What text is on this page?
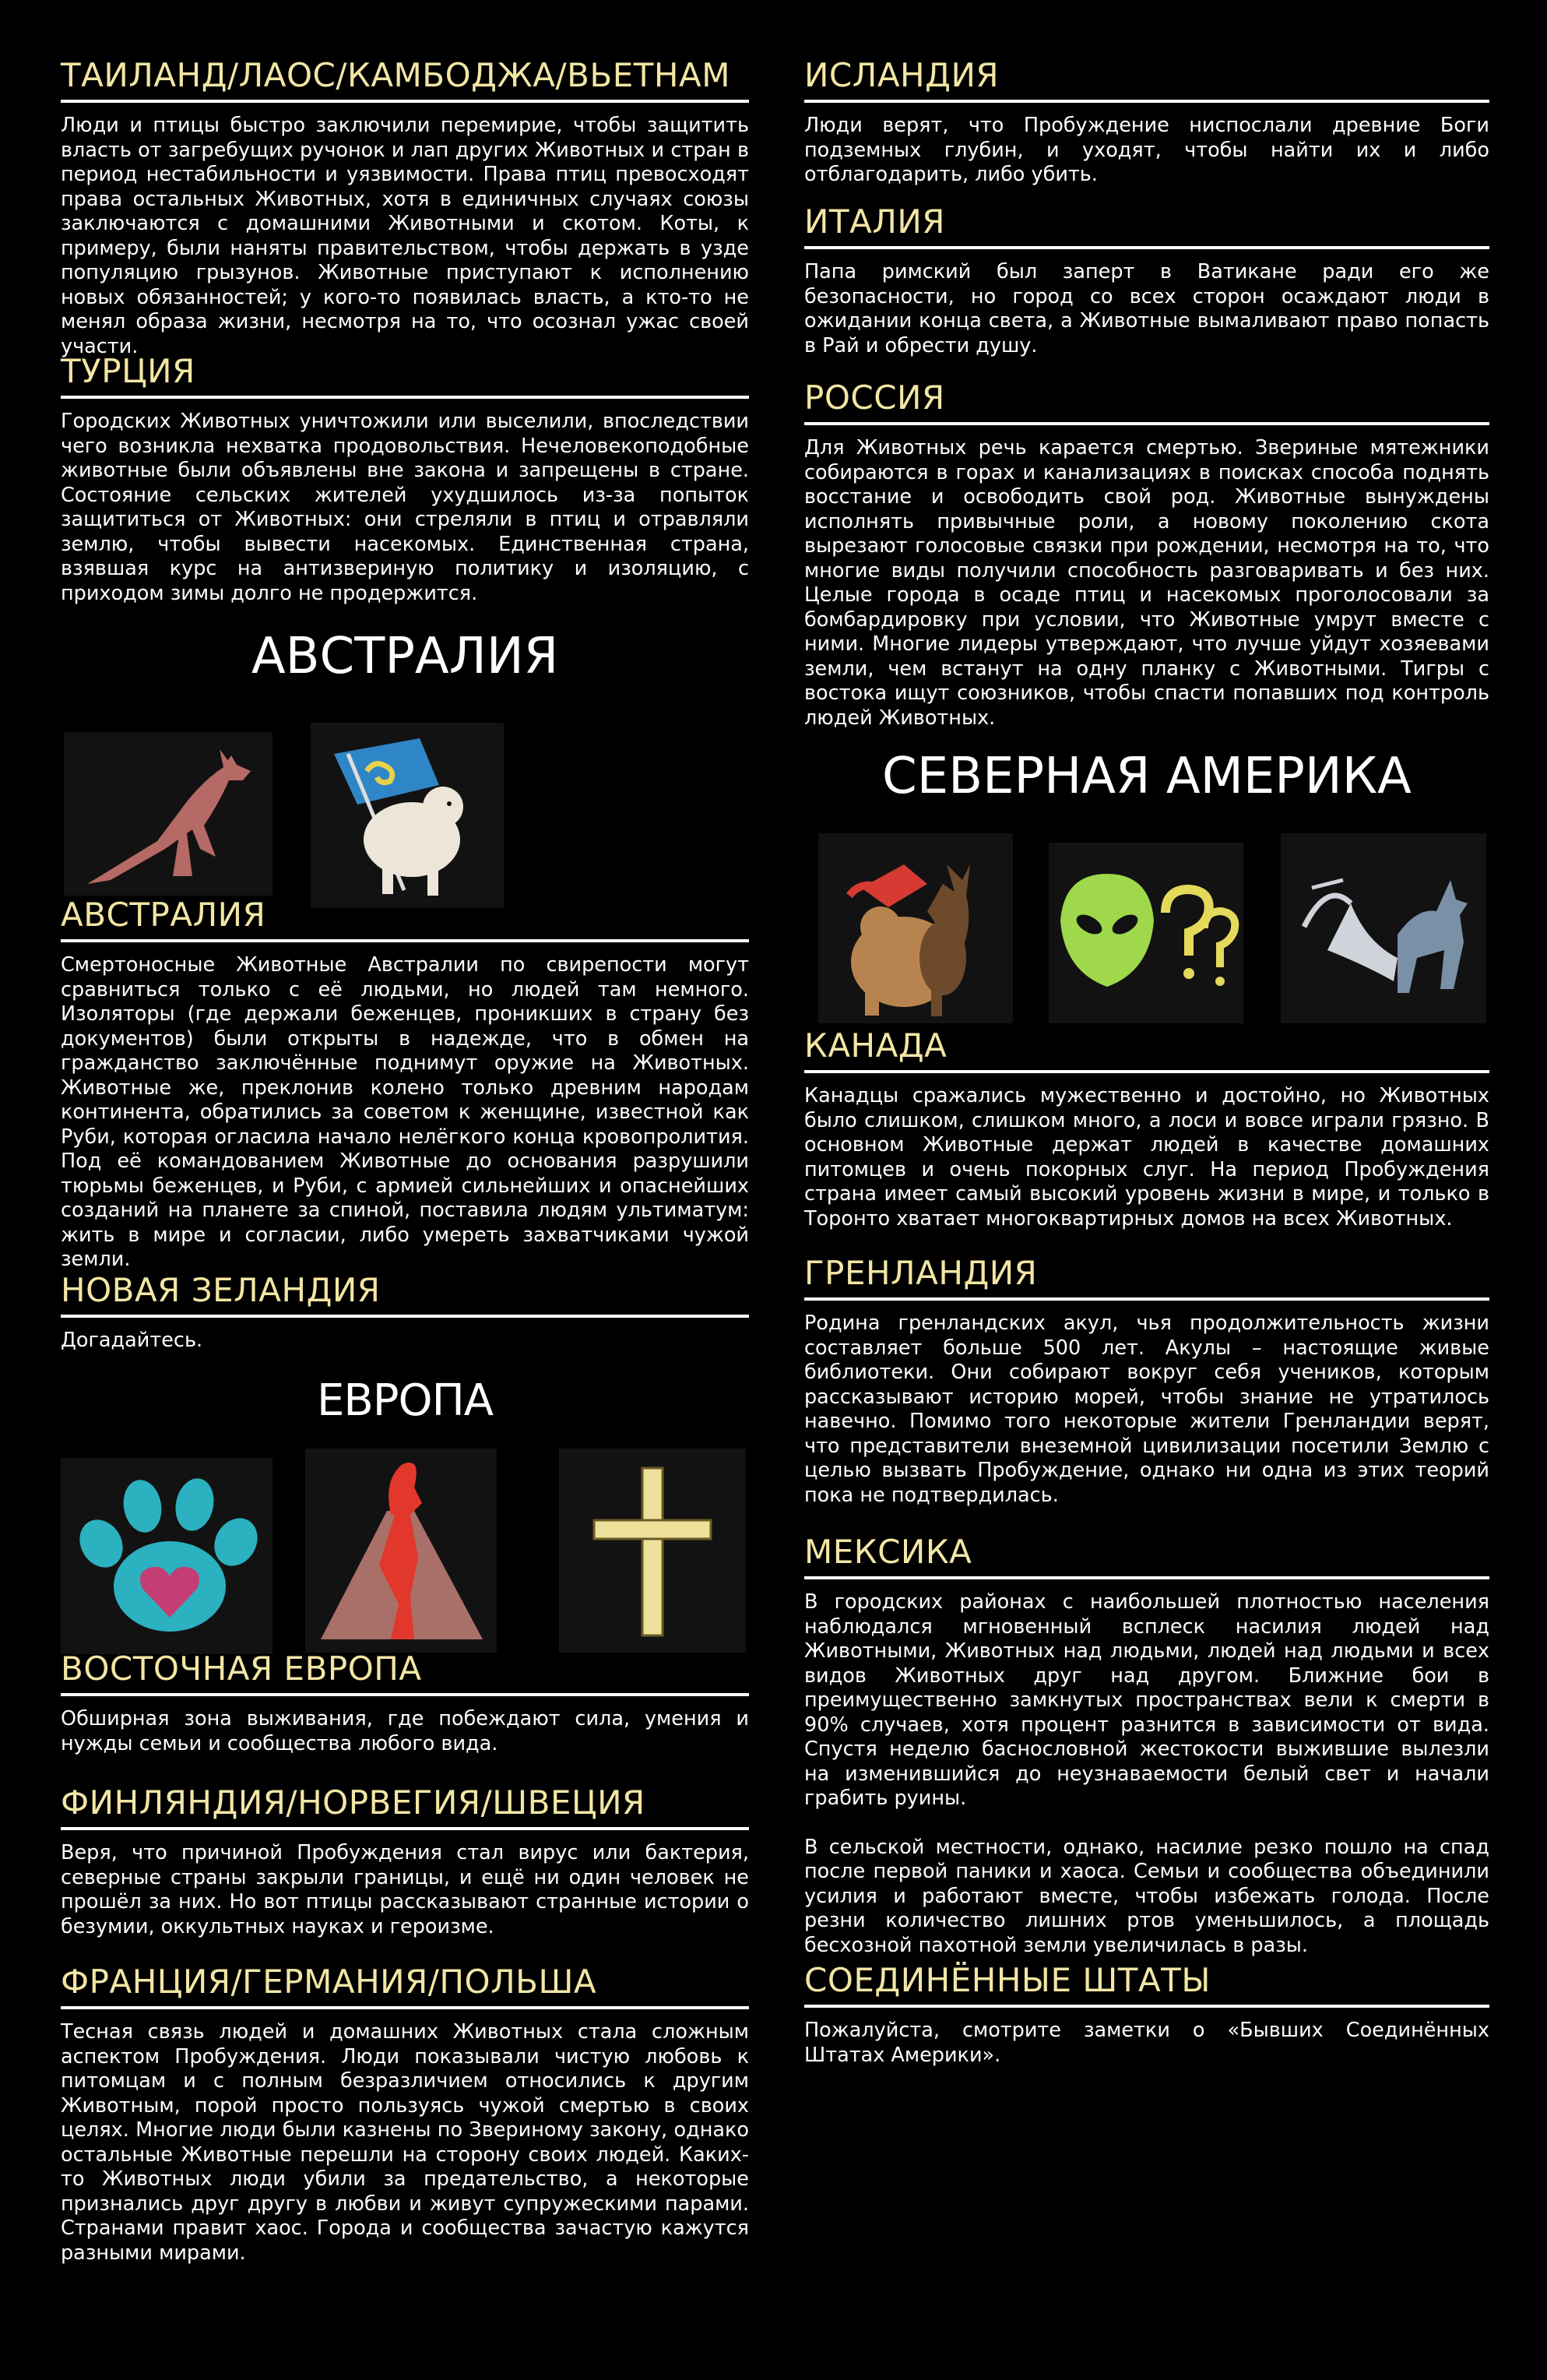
ТАИЛАНД/ЛАОС/КАМБОДЖА/ВЬЕТНАМ

Люди и птицы быстро заключили перемирие, чтобы защитить власть от загребущих ручонок и лап других Животных и стран в период нестабильности и уязвимости. Права птиц превосходят права остальных Животных, хотя в единичных случаях союзы заключаются с домашними Животными и скотом. Коты, к примеру, были наняты правительством, чтобы держать в узде популяцию грызунов. Животные приступают к исполнению новых обязанностей; у кого-то появилась власть, а кто-то не менял образа жизни, несмотря на то, что осознал ужас своей участи.

ТУРЦИЯ

Городских Животных уничтожили или выселили, впоследствии чего возникла нехватка продовольствия. Нечеловекоподобные животные были объявлены вне закона и запрещены в стране. Состояние сельских жителей ухудшилось из-за попыток защититься от Животных: они стреляли в птиц и отравляли землю, чтобы вывести насекомых. Единственная страна, взявшая курс на антизвериную политику и изоляцию, с приходом зимы долго не продержится.

АВСТРАЛИЯ
АВСТРАЛИЯ

Смертоносные Животные Австралии по свирепости могут сравниться только с её людьми, но людей там немного. Изоляторы (где держали беженцев, проникших в страну без документов) были открыты в надежде, что в обмен на гражданство заключённые поднимут оружие на Животных. Животные же, преклонив колено только древним народам континента, обратились за советом к женщине, известной как Руби, которая огласила начало нелёгкого конца кровопролития. Под её командованием Животные до основания разрушили тюрьмы беженцев, и Руби, с армией сильнейших и опаснейших созданий на планете за спиной, поставила людям ультиматум: жить в мире и согласии, либо умереть захватчиками чужой земли.

НОВАЯ ЗЕЛАНДИЯ

Догадайтесь.

ЕВРОПА
ВОСТОЧНАЯ ЕВРОПА

Обширная зона выживания, где побеждают сила, умения и нужды семьи и сообщества любого вида.

ФИНЛЯНДИЯ/НОРВЕГИЯ/ШВЕЦИЯ

Веря, что причиной Пробуждения стал вирус или бактерия, северные страны закрыли границы, и ещё ни один человек не прошёл за них. Но вот птицы рассказывают странные истории о безумии, оккультных науках и героизме.

ФРАНЦИЯ/ГЕРМАНИЯ/ПОЛЬША

Тесная связь людей и домашних Животных стала сложным аспектом Пробуждения. Люди показывали чистую любовь к питомцам и с полным безразличием относились к другим Животным, порой просто пользуясь чужой смертью в своих целях. Многие люди были казнены по Звериному закону, однако остальные Животные перешли на сторону своих людей. Каких-то Животных люди убили за предательство, а некоторые признались друг другу в любви и живут супружескими парами. Странами правит хаос. Города и сообщества зачастую кажутся разными мирами.

ИСЛАНДИЯ

Люди верят, что Пробуждение ниспослали древние Боги подземных глубин, и уходят, чтобы найти их и либо отблагодарить, либо убить.

ИТАЛИЯ

Папа римский был заперт в Ватикане ради его же безопасности, но город со всех сторон осаждают люди в ожидании конца света, а Животные вымаливают право попасть в Рай и обрести душу.

РОССИЯ

Для Животных речь карается смертью. Звериные мятежники собираются в горах и канализациях в поисках способа поднять восстание и освободить свой род. Животные вынуждены исполнять привычные роли, а новому поколению скота вырезают голосовые связки при рождении, несмотря на то, что многие виды получили способность разговаривать и без них. Целые города в осаде птиц и насекомых проголосовали за бомбардировку при условии, что Животные умрут вместе с ними. Многие лидеры утверждают, что лучше уйдут хозяевами земли, чем встанут на одну планку с Животными. Тигры с востока ищут союзников, чтобы спасти попавших под контроль людей Животных.

СЕВЕРНАЯ АМЕРИКА
КАНАДА

Канадцы сражались мужественно и достойно, но Животных было слишком, слишком много, а лоси и вовсе играли грязно. В основном Животные держат людей в качестве домашних питомцев и очень покорных слуг. На период Пробуждения страна имеет самый высокий уровень жизни в мире, и только в Торонто хватает многоквартирных домов на всех Животных.

ГРЕНЛАНДИЯ

Родина гренландских акул, чья продолжительность жизни составляет больше 500 лет. Акулы – настоящие живые библиотеки. Они собирают вокруг себя учеников, которым рассказывают историю морей, чтобы знание не утратилось навечно. Помимо того некоторые жители Гренландии верят, что представители внеземной цивилизации посетили Землю с целью вызвать Пробуждение, однако ни одна из этих теорий пока не подтвердилась.

МЕКСИКА

В городских районах с наибольшей плотностью населения наблюдался мгновенный всплеск насилия людей над Животными, Животных над людьми, людей над людьми и всех видов Животных друг над другом. Ближние бои в преимущественно замкнутых пространствах вели к смерти в 90% случаев, хотя процент разнится в зависимости от вида. Спустя неделю баснословной жестокости выжившие вылезли на изменившийся до неузнаваемости белый свет и начали грабить руины.

В сельской местности, однако, насилие резко пошло на спад после первой паники и хаоса. Семьи и сообщества объединили усилия и работают вместе, чтобы избежать голода. После резни количество лишних ртов уменьшилось, а площадь бесхозной пахотной земли увеличилась в разы.

СОЕДИНЁННЫЕ ШТАТЫ

Пожалуйста, смотрите заметки о «Бывших Соединённых Штатах Америки».
